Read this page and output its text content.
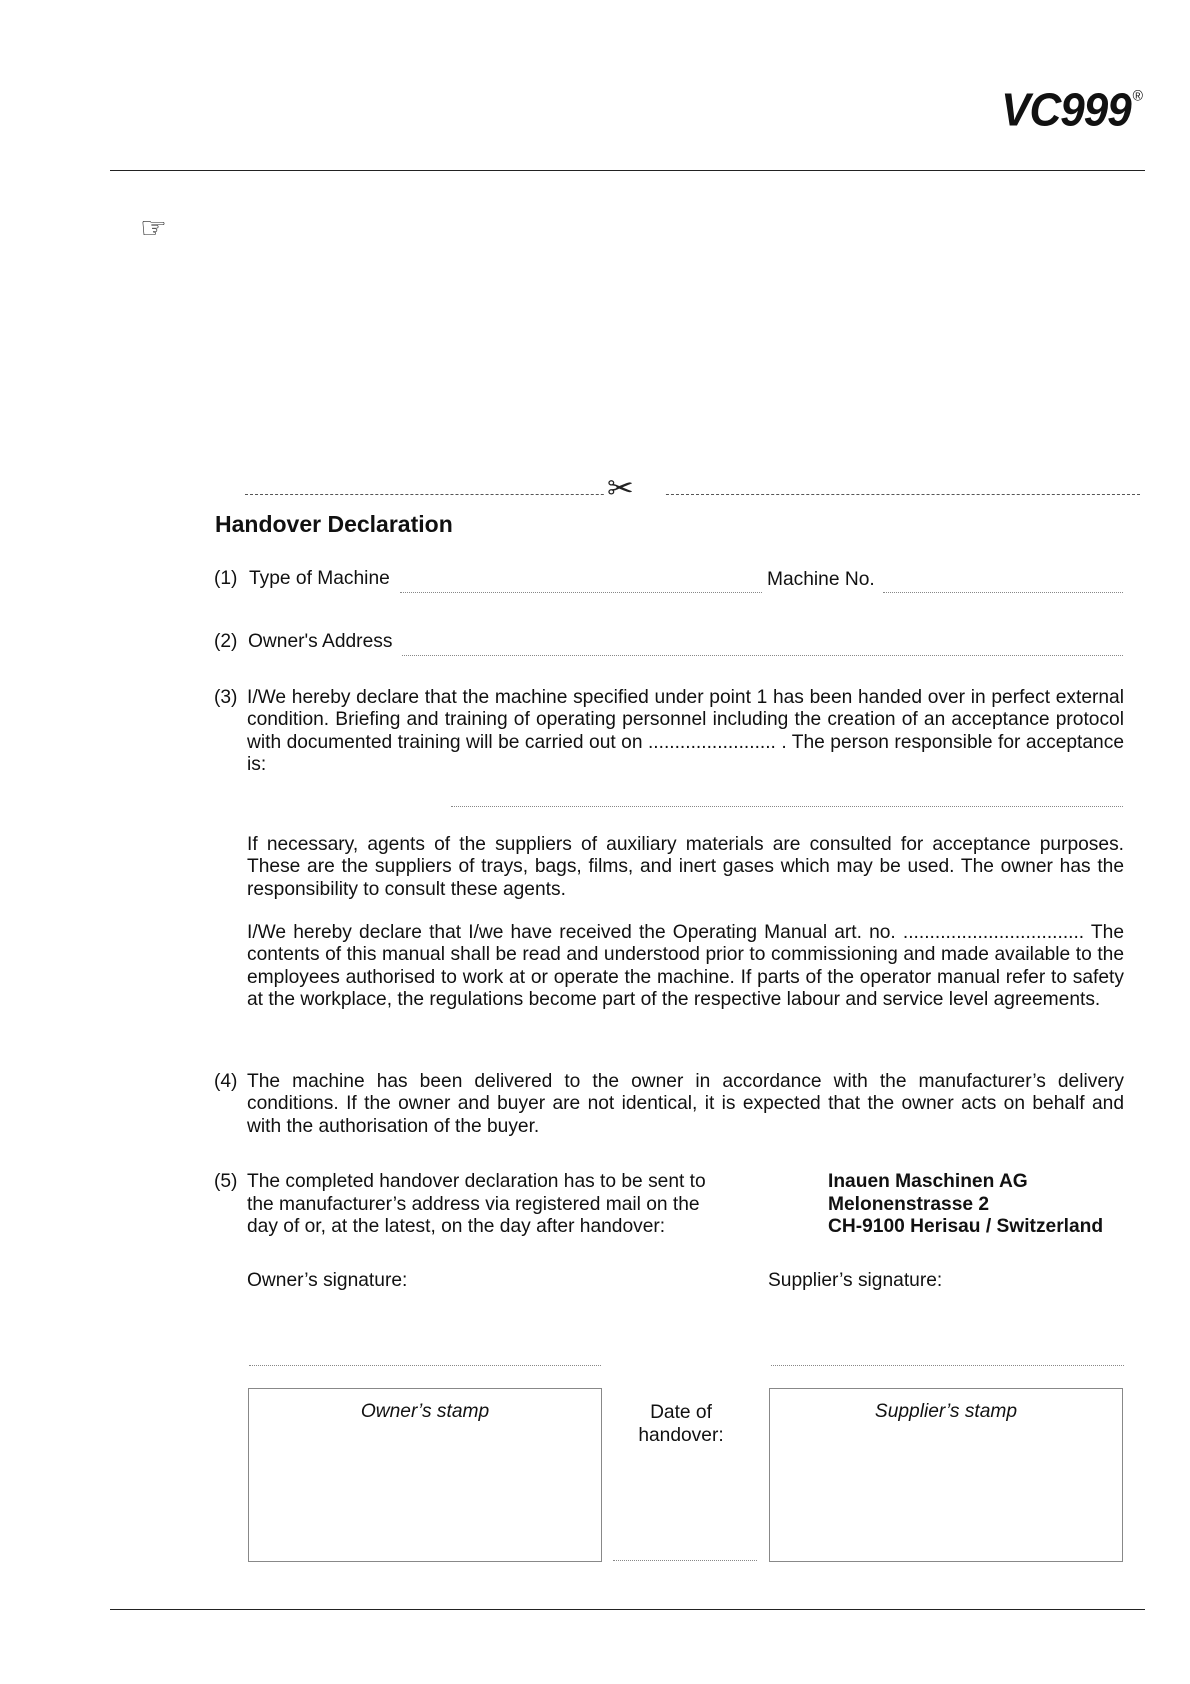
VC999 ®
☞
✂
Handover Declaration
(1) Type of Machine	Machine No.
(2) Owner's Address
(3) I/We hereby declare that the machine specified under point 1 has been handed over in perfect external condition. Briefing and training of operating personnel including the creation of an acceptance protocol with documented training will be carried out on ........................ . The person responsible for acceptance is:
If necessary, agents of the suppliers of auxiliary materials are consulted for acceptance purposes. These are the suppliers of trays, bags, films, and inert gases which may be used. The owner has the responsibility to consult these agents.
I/We hereby declare that I/we have received the Operating Manual art. no. .................................. The contents of this manual shall be read and understood prior to commissioning and made available to the employees authorised to work at or operate the machine. If parts of the operator manual refer to safety at the workplace, the regulations become part of the respective labour and service level agreements.
(4) The machine has been delivered to the owner in accordance with the manufacturer’s delivery conditions. If the owner and buyer are not identical, it is expected that the owner acts on behalf and with the authorisation of the buyer.
(5) The completed handover declaration has to be sent to
the manufacturer’s address via registered mail on the
day of or, at the latest, on the day after handover:
Inauen Maschinen AG
Melonenstrasse 2
CH-9100 Herisau / Switzerland
Owner’s signature:	Supplier’s signature:
Owner’s stamp	Date of
handover:
Supplier’s stamp
